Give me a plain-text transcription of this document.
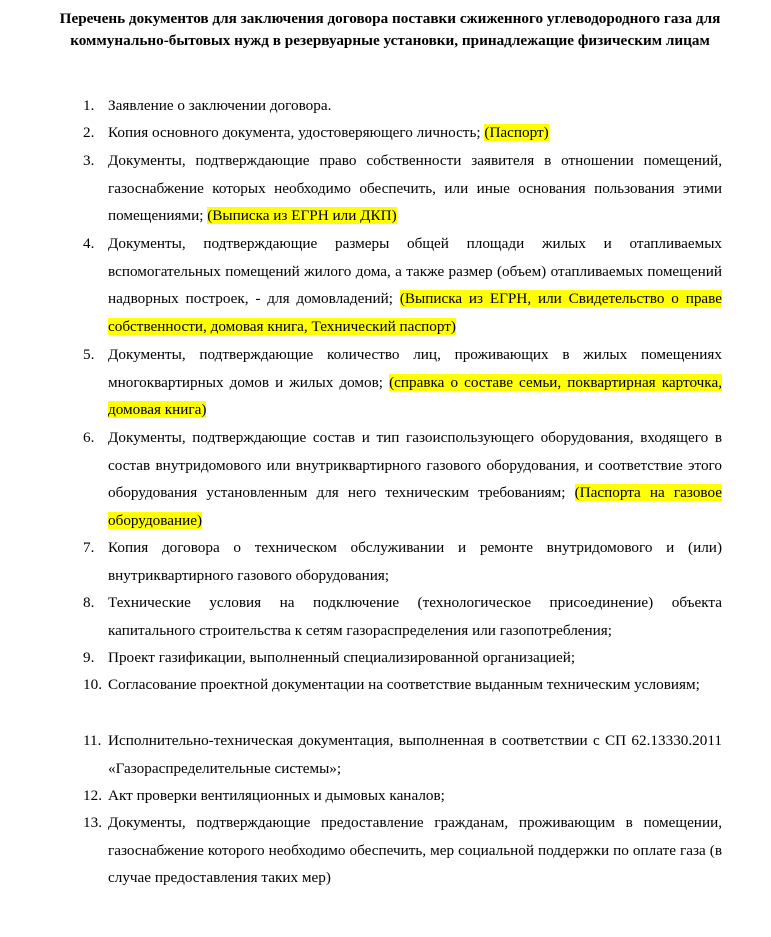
Перечень документов для заключения договора поставки сжиженного углеводородного газа для коммунально-бытовых нужд в резервуарные установки, принадлежащие физическим лицам
1. Заявление о заключении договора.
2. Копия основного документа, удостоверяющего личность; (Паспорт)
3. Документы, подтверждающие право собственности заявителя в отношении помещений, газоснабжение которых необходимо обеспечить, или иные основания пользования этими помещениями; (Выписка из ЕГРН или ДКП)
4. Документы, подтверждающие размеры общей площади жилых и отапливаемых вспомогательных помещений жилого дома, а также размер (объем) отапливаемых помещений надворных построек, - для домовладений; (Выписка из ЕГРН, или Свидетельство о праве собственности, домовая книга, Технический паспорт)
5. Документы, подтверждающие количество лиц, проживающих в жилых помещениях многоквартирных домов и жилых домов; (справка о составе семьи, поквартирная карточка, домовая книга)
6. Документы, подтверждающие состав и тип газоиспользующего оборудования, входящего в состав внутридомового или внутриквартирного газового оборудования, и соответствие этого оборудования установленным для него техническим требованиям; (Паспорта на газовое оборудование)
7. Копия договора о техническом обслуживании и ремонте внутридомового и (или) внутриквартирного газового оборудования;
8. Технические условия на подключение (технологическое присоединение) объекта капитального строительства к сетям газораспределения или газопотребления;
9. Проект газификации, выполненный специализированной организацией;
10. Согласование проектной документации на соответствие выданным техническим условиям;
11. Исполнительно-техническая документация, выполненная в соответствии с СП 62.13330.2011 «Газораспределительные системы»;
12. Акт проверки вентиляционных и дымовых каналов;
13. Документы, подтверждающие предоставление гражданам, проживающим в помещении, газоснабжение которого необходимо обеспечить, мер социальной поддержки по оплате газа (в случае предоставления таких мер)
